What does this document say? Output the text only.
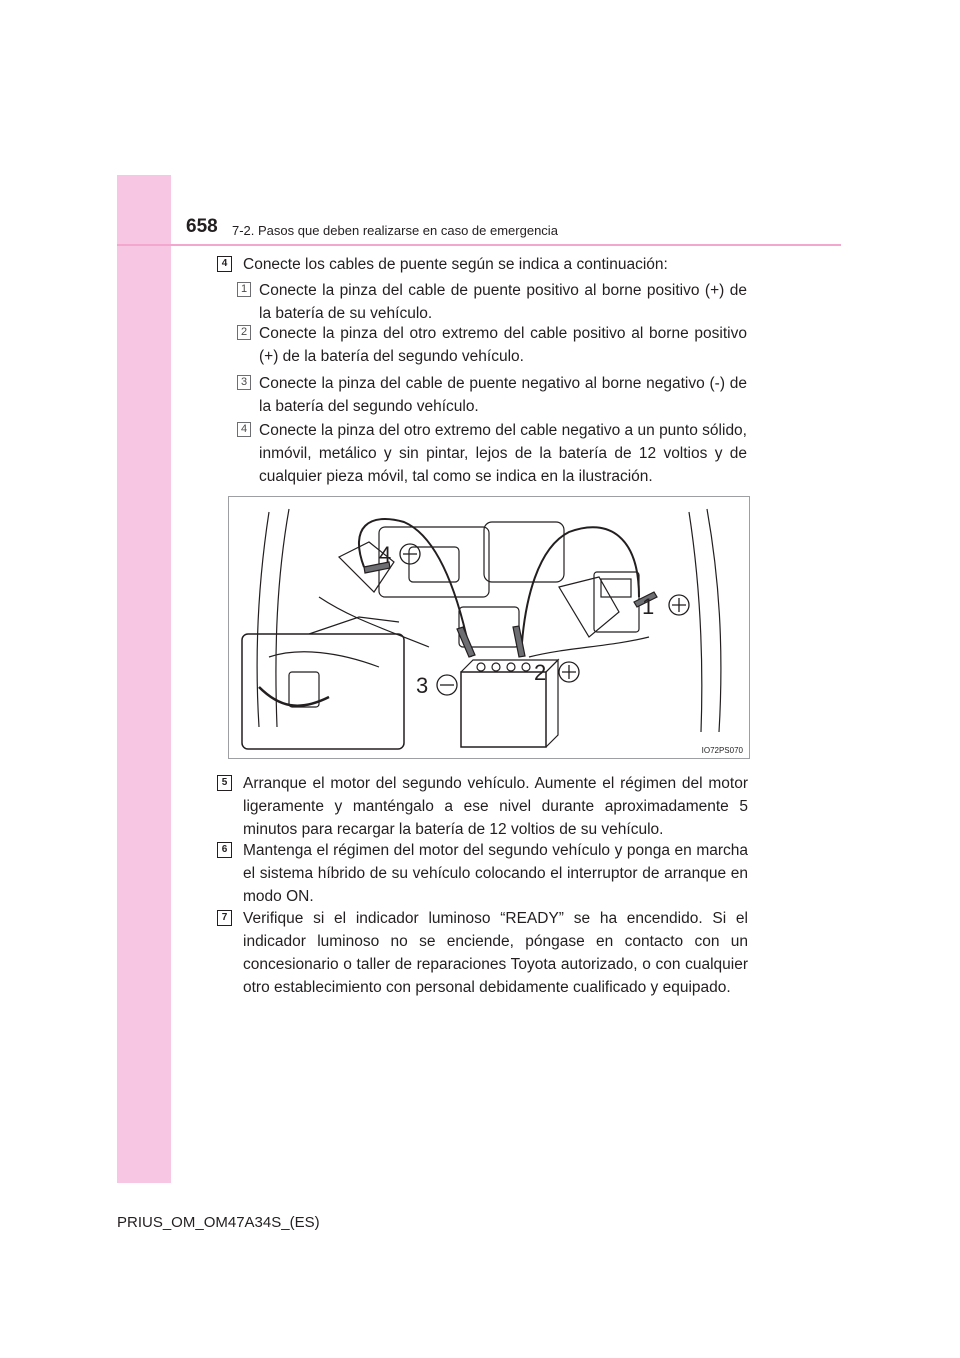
658 7-2. Pasos que deben realizarse en caso de emergencia
4	Conecte los cables de puente según se indica a continuación:

1 Conecte la pinza del cable de puente positivo al borne positivo (+) de la batería de su vehículo.

2 Conecte la pinza del otro extremo del cable positivo al borne positivo (+) de la batería del segundo vehículo.

3 Conecte la pinza del cable de puente negativo al borne negativo (-) de la batería del segundo vehículo.

4 Conecte la pinza del otro extremo del cable negativo a un punto sólido, inmóvil, metálico y sin pintar, lejos de la batería de 12 voltios y de cualquier pieza móvil, tal como se indica en la ilustración.

1
2
3
4
IO72PS070
5	Arranque el motor del segundo vehículo. Aumente el régimen del motor ligeramente y manténgalo a ese nivel durante aproximadamente 5 minutos para recargar la batería de 12 voltios de su vehículo.

6	Mantenga el régimen del motor del segundo vehículo y ponga en marcha el sistema híbrido de su vehículo colocando el interruptor de arranque en modo ON.

7	Verifique si el indicador luminoso “READY” se ha encendido. Si el indicador luminoso no se enciende, póngase en contacto con un concesionario o taller de reparaciones Toyota autorizado, o con cualquier otro establecimiento con personal debidamente cualificado y equipado.

PRIUS_OM_OM47A34S_(ES)
